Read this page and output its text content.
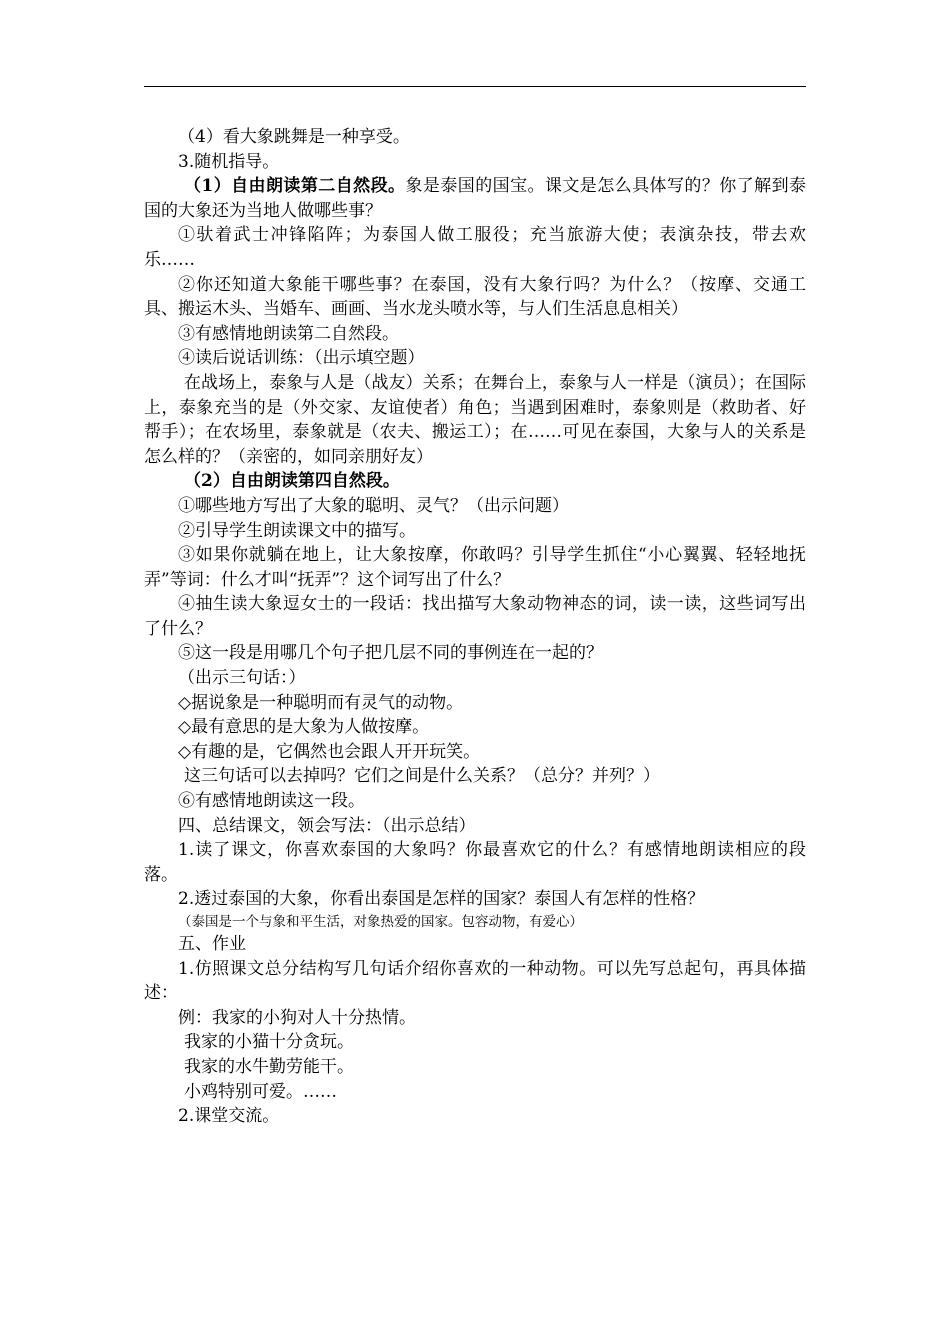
（4）看大象跳舞是一种享受。

3.随机指导。

（1）自由朗读第二自然段。象是泰国的国宝。课文是怎么具体写的？你了解到泰国的大象还为当地人做哪些事？

①驮着武士冲锋陷阵；为泰国人做工服役；充当旅游大使；表演杂技，带去欢乐……

②你还知道大象能干哪些事？在泰国，没有大象行吗？为什么？（按摩、交通工具、搬运木头、当婚车、画画、当水龙头喷水等，与人们生活息息相关）

③有感情地朗读第二自然段。

④读后说话训练：（出示填空题）

在战场上，泰象与人是（战友）关系；在舞台上，泰象与人一样是（演员）；在国际上，泰象充当的是（外交家、友谊使者）角色；当遇到困难时，泰象则是（救助者、好帮手）；在农场里，泰象就是（农夫、搬运工）；在……可见在泰国，大象与人的关系是怎么样的？（亲密的，如同亲朋好友）

（2）自由朗读第四自然段。

①哪些地方写出了大象的聪明、灵气？（出示问题）

②引导学生朗读课文中的描写。

③如果你就躺在地上，让大象按摩，你敢吗？引导学生抓住“小心翼翼、轻轻地抚弄”等词：什么才叫“抚弄”？这个词写出了什么？

④抽生读大象逗女士的一段话：找出描写大象动物神态的词，读一读，这些词写出了什么？

⑤这一段是用哪几个句子把几层不同的事例连在一起的？

（出示三句话：）

◇据说象是一种聪明而有灵气的动物。

◇最有意思的是大象为人做按摩。

◇有趣的是，它偶然也会跟人开开玩笑。

这三句话可以去掉吗？它们之间是什么关系？（总分？并列？）

⑥有感情地朗读这一段。

四、总结课文，领会写法：（出示总结）

1.读了课文，你喜欢泰国的大象吗？你最喜欢它的什么？有感情地朗读相应的段落。

2.透过泰国的大象，你看出泰国是怎样的国家？泰国人有怎样的性格？

（泰国是一个与象和平生活，对象热爱的国家。包容动物，有爱心）

五、作业

1.仿照课文总分结构写几句话介绍你喜欢的一种动物。可以先写总起句，再具体描述：

例：我家的小狗对人十分热情。

我家的小猫十分贪玩。

我家的水牛勤劳能干。

小鸡特别可爱。……

2.课堂交流。
